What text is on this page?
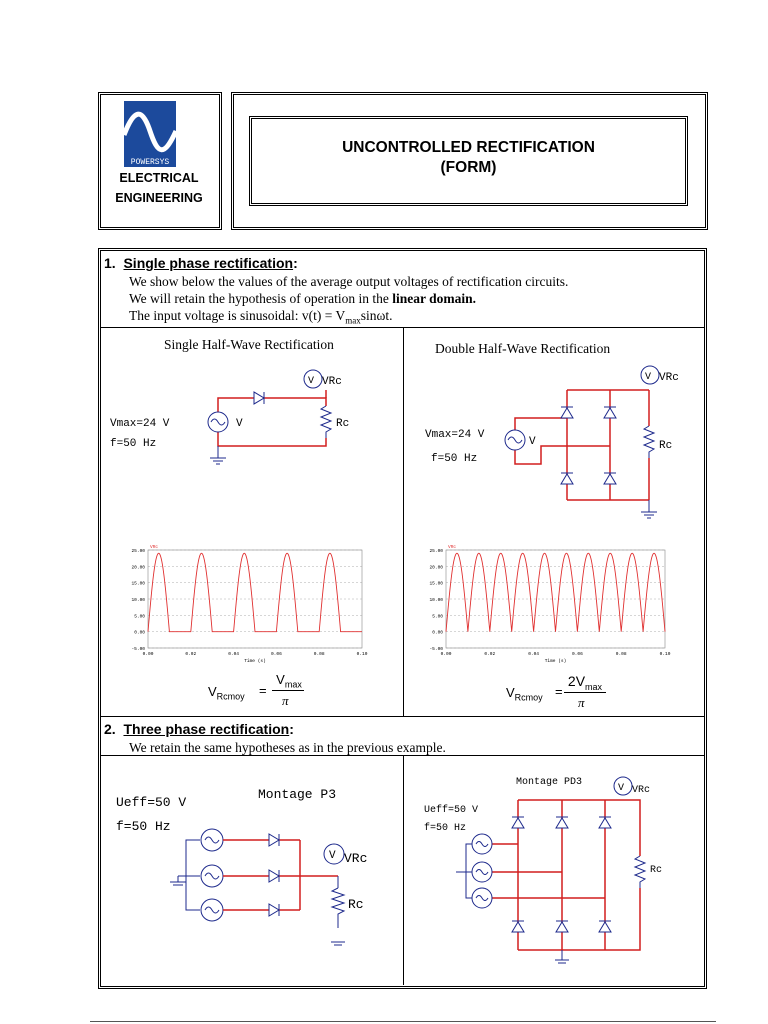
POWERSYS
ELECTRICAL
ENGINEERING
UNCONTROLLED RECTIFICATION
(FORM)
1. Single phase rectification:
We show below the values of the average output voltages of rectification circuits.
We will retain the hypothesis of operation in the linear domain.
The input voltage is sinusoidal: $v(t) = V_{max}\sin\omega t$.
Single Half-Wave Rectification	Double Half-Wave Rectification
Vmax=24 V
f=50 Hz
V	Rc
V VRc
Vmax=24 V
f=50 Hz
V	Rc
V VRc
25.00
20.00
15.00
10.00
5.00
0.00
-5.00
0.00	0.02	0.04	0.06	0.08	0.10
Time (s)
VRc
25.00
20.00
15.00
10.00
5.00
0.00
-5.00
0.00	0.02	0.04	0.06	0.08	0.10
Time (s)
VRc
$V_{Rcmoy}$ =
$V_{max}$
π
$V_{Rcmoy}$ =
$2V_{max}$
π
2. Three phase rectification:
We retain the same hypotheses as in the previous example.
Ueff=50 V
Montage P3
f=50 Hz
Rc
V VRc
Montage PD3
Ueff=50 V
f=50 Hz
Rc
V VRc
